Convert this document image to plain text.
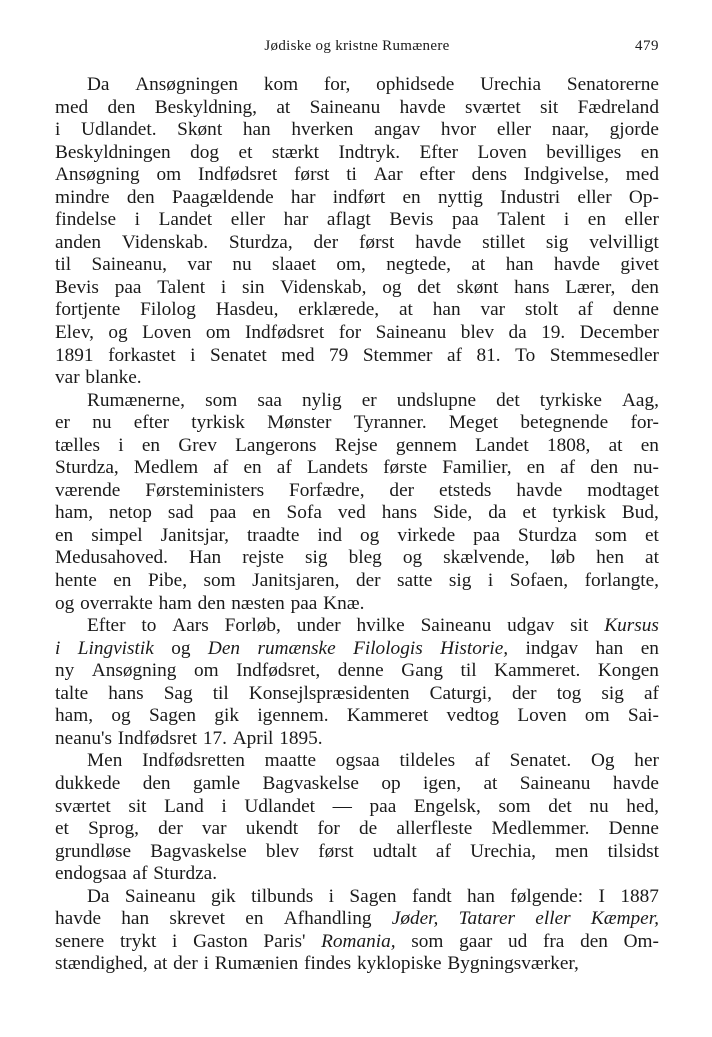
Jødiske og kristne Rumænere	479
Da Ansøgningen kom for, ophidsede Urechia Senatorerne
med den Beskyldning, at Saineanu havde sværtet sit Fædreland
i Udlandet. Skønt han hverken angav hvor eller naar, gjorde
Beskyldningen dog et stærkt Indtryk. Efter Loven bevilliges en
Ansøgning om Indfødsret først ti Aar efter dens Indgivelse, med
mindre den Paagældende har indført en nyttig Industri eller Op-
findelse i Landet eller har aflagt Bevis paa Talent i en eller
anden Videnskab. Sturdza, der først havde stillet sig velvilligt
til Saineanu, var nu slaaet om, negtede, at han havde givet
Bevis paa Talent i sin Videnskab, og det skønt hans Lærer, den
fortjente Filolog Hasdeu, erklærede, at han var stolt af denne
Elev, og Loven om Indfødsret for Saineanu blev da 19. December
1891 forkastet i Senatet med 79 Stemmer af 81. To Stemmesedler
var blanke.
Rumænerne, som saa nylig er undslupne det tyrkiske Aag,
er nu efter tyrkisk Mønster Tyranner. Meget betegnende for-
tælles i en Grev Langerons Rejse gennem Landet 1808, at en
Sturdza, Medlem af en af Landets første Familier, en af den nu-
værende Førsteministers Forfædre, der etsteds havde modtaget
ham, netop sad paa en Sofa ved hans Side, da et tyrkisk Bud,
en simpel Janitsjar, traadte ind og virkede paa Sturdza som et
Medusahoved. Han rejste sig bleg og skælvende, løb hen at
hente en Pibe, som Janitsjaren, der satte sig i Sofaen, forlangte,
og overrakte ham den næsten paa Knæ.
Efter to Aars Forløb, under hvilke Saineanu udgav sit Kursus
i Lingvistik og Den rumænske Filologis Historie, indgav han en
ny Ansøgning om Indfødsret, denne Gang til Kammeret. Kongen
talte hans Sag til Konsejlspræsidenten Caturgi, der tog sig af
ham, og Sagen gik igennem. Kammeret vedtog Loven om Sai-
neanu's Indfødsret 17. April 1895.
Men Indfødsretten maatte ogsaa tildeles af Senatet. Og her
dukkede den gamle Bagvaskelse op igen, at Saineanu havde
sværtet sit Land i Udlandet — paa Engelsk, som det nu hed,
et Sprog, der var ukendt for de allerfleste Medlemmer. Denne
grundløse Bagvaskelse blev først udtalt af Urechia, men tilsidst
endogsaa af Sturdza.
Da Saineanu gik tilbunds i Sagen fandt han følgende: I 1887
havde han skrevet en Afhandling Jøder, Tatarer eller Kæmper,
senere trykt i Gaston Paris' Romania, som gaar ud fra den Om-
stændighed, at der i Rumænien findes kyklopiske Bygningsværker,
